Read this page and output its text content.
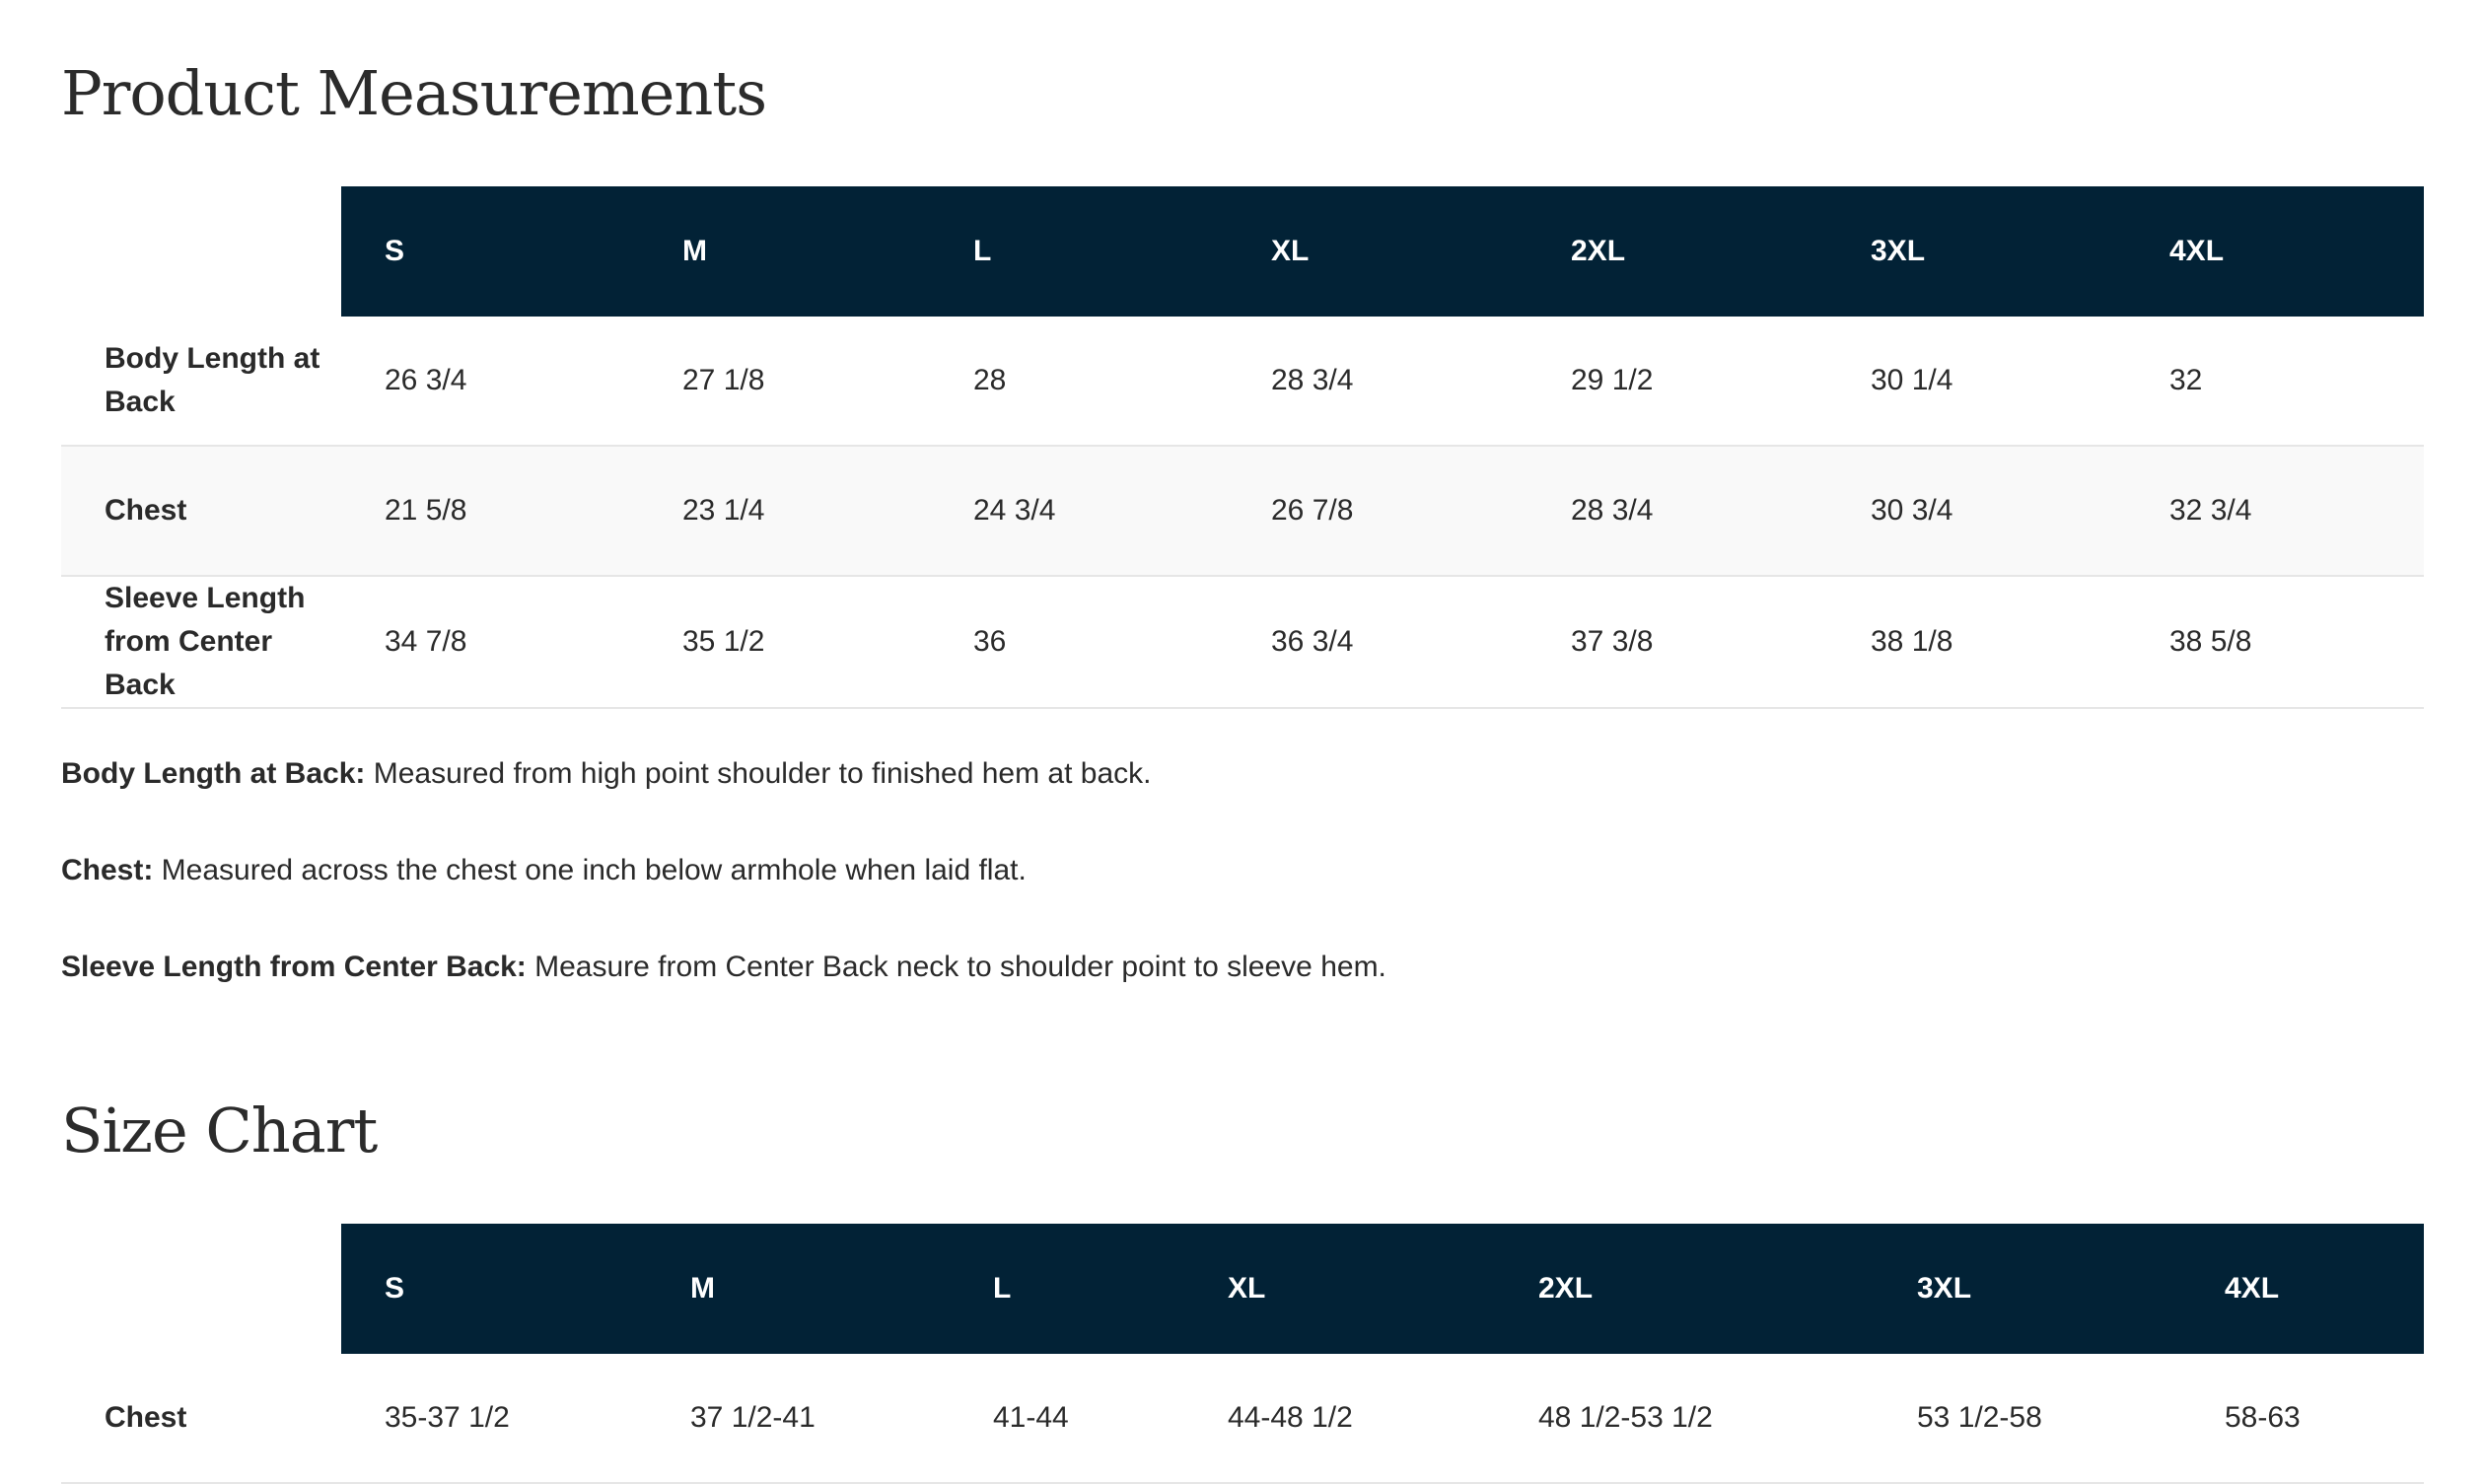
Product Measurements
	S	M	L	XL	2XL	3XL	4XL
Body Length at Back	26 3/4	27 1/8	28	28 3/4	29 1/2	30 1/4	32
Chest	21 5/8	23 1/4	24 3/4	26 7/8	28 3/4	30 3/4	32 3/4
Sleeve Length from Center Back	34 7/8	35 1/2	36	36 3/4	37 3/8	38 1/8	38 5/8
Body Length at Back: Measured from high point shoulder to finished hem at back.
Chest: Measured across the chest one inch below armhole when laid flat.
Sleeve Length from Center Back: Measure from Center Back neck to shoulder point to sleeve hem.
Size Chart
	S	M	L	XL	2XL	3XL	4XL
Chest	35-37 1/2	37 1/2-41	41-44	44-48 1/2	48 1/2-53 1/2	53 1/2-58	58-63
